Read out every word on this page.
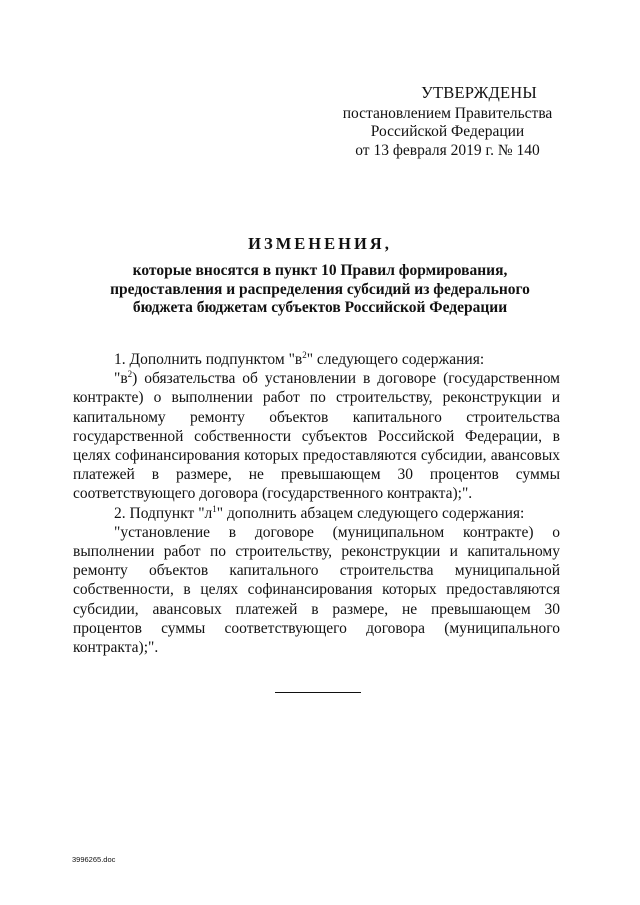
УТВЕРЖДЕНЫ
постановлением Правительства
Российской Федерации
от 13 февраля 2019 г. № 140
ИЗМЕНЕНИЯ,
которые вносятся в пункт 10 Правил формирования,
предоставления и распределения субсидий из федерального
бюджета бюджетам субъектов Российской Федерации

1. Дополнить подпунктом "$в^2$" следующего содержания:

"$в^2$) обязательства об установлении в договоре (государственном контракте) о выполнении работ по строительству, реконструкции и капитальному ремонту объектов капитального строительства государственной собственности субъектов Российской Федерации, в целях софинансирования которых предоставляются субсидии, авансовых платежей в размере, не превышающем 30 процентов суммы соответствующего договора (государственного контракта);".

2. Подпункт "$л^1$" дополнить абзацем следующего содержания:

"установление в договоре (муниципальном контракте) о выполнении работ по строительству, реконструкции и капитальному ремонту объектов капитального строительства муниципальной собственности, в целях софинансирования которых предоставляются субсидии, авансовых платежей в размере, не превышающем 30 процентов суммы соответствующего договора (муниципального контракта);".

3996265.doc
